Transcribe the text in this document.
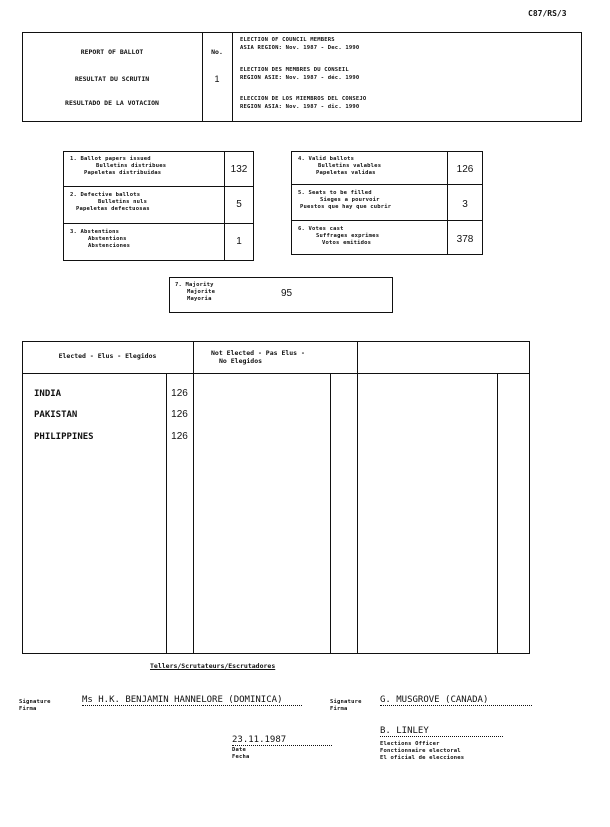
C87/RS/3
REPORT OF BALLOT
RESULTAT DU SCRUTIN
RESULTADO DE LA VOTACION
No.
1
ELECTION OF COUNCIL MEMBERS
ASIA REGION: Nov. 1987 - Dec. 1990
ELECTION DES MEMBRES DU CONSEIL
REGION ASIE: Nov. 1987 - déc. 1990
ELECCION DE LOS MIEMBROS DEL CONSEJO
REGION ASIA: Nov. 1987 - dic. 1990
1. Ballot papers issued
Bulletins distribues
Papeletas distribuidas	132
2. Defective ballots
Bulletins nuls
Papeletas defectuosas	5
3. Abstentions
Abstentions
Abstenciones	1
4. Valid ballots
Bulletins valables
Papeletas validas	126
5. Seats to be filled
Sieges a pourvoir
Puestos que hay que cubrir	3
6. Votes cast
Suffrages exprimes
Votos emitidos	378
7. Majority
Majorite
Mayoria	95
Elected - Elus - Elegidos	Not Elected - Pas Elus -
No Elegidos
INDIA	126
PAKISTAN	126
PHILIPPINES	126
Tellers/Scrutateurs/Escrutadores
Signature
Firma
Ms H.K. BENJAMIN HANNELORE (DOMINICA)	Signature
Firma
G. MUSGROVE (CANADA)
23.11.1987
Date
Fecha
B. LINLEY
Elections Officer
Fonctionnaire electoral
El oficial de elecciones
